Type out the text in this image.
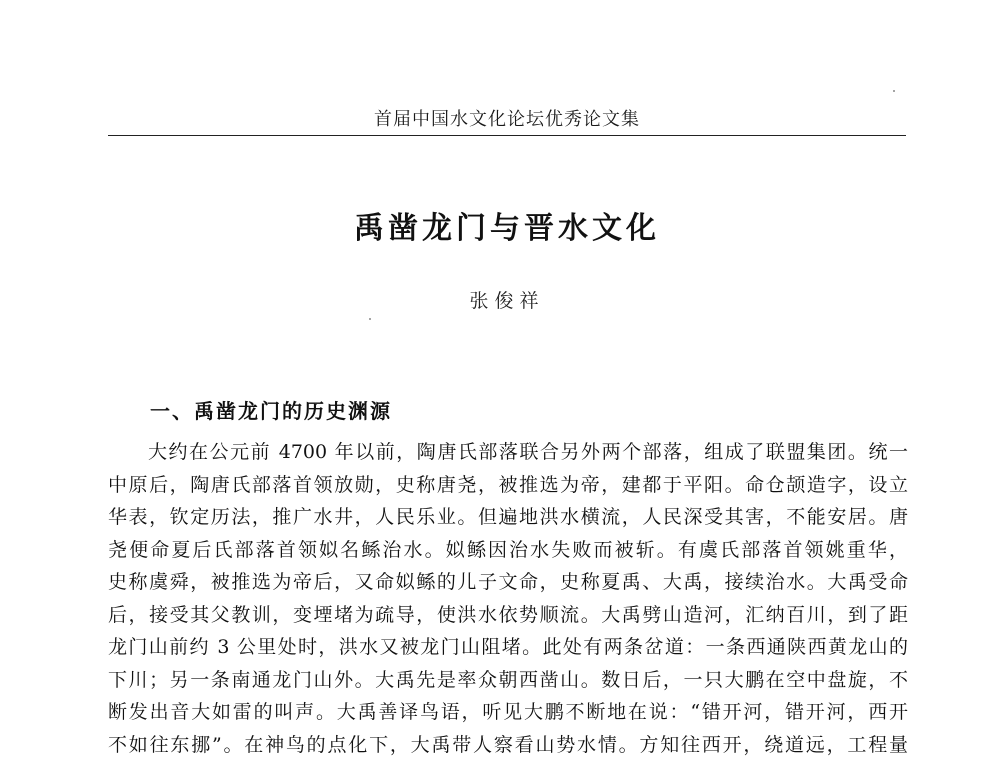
首届中国水文化论坛优秀论文集
禹凿龙门与晋水文化
张俊祥
一、禹凿龙门的历史渊源
大约在公元前 4700 年以前，陶唐氏部落联合另外两个部落，组成了联盟集团。统一
中原后，陶唐氏部落首领放勋，史称唐尧，被推选为帝，建都于平阳。命仓颉造字，设立
华表，钦定历法，推广水井，人民乐业。但遍地洪水横流，人民深受其害，不能安居。唐
尧便命夏后氏部落首领姒名鲧治水。姒鲧因治水失败而被斩。有虞氏部落首领姚重华，
史称虞舜，被推选为帝后，又命姒鲧的儿子文命，史称夏禹、大禹，接续治水。大禹受命
后，接受其父教训，变堙堵为疏导，使洪水依势顺流。大禹劈山造河，汇纳百川，到了距
龙门山前约 3 公里处时，洪水又被龙门山阻堵。此处有两条岔道：一条西通陕西黄龙山的
下川；另一条南通龙门山外。大禹先是率众朝西凿山。数日后，一只大鹏在空中盘旋，不
断发出音大如雷的叫声。大禹善译鸟语，听见大鹏不断地在说：“错开河，错开河，西开
不如往东挪”。在神鸟的点化下，大禹带人察看山势水情。方知往西开，绕道远，工程量
